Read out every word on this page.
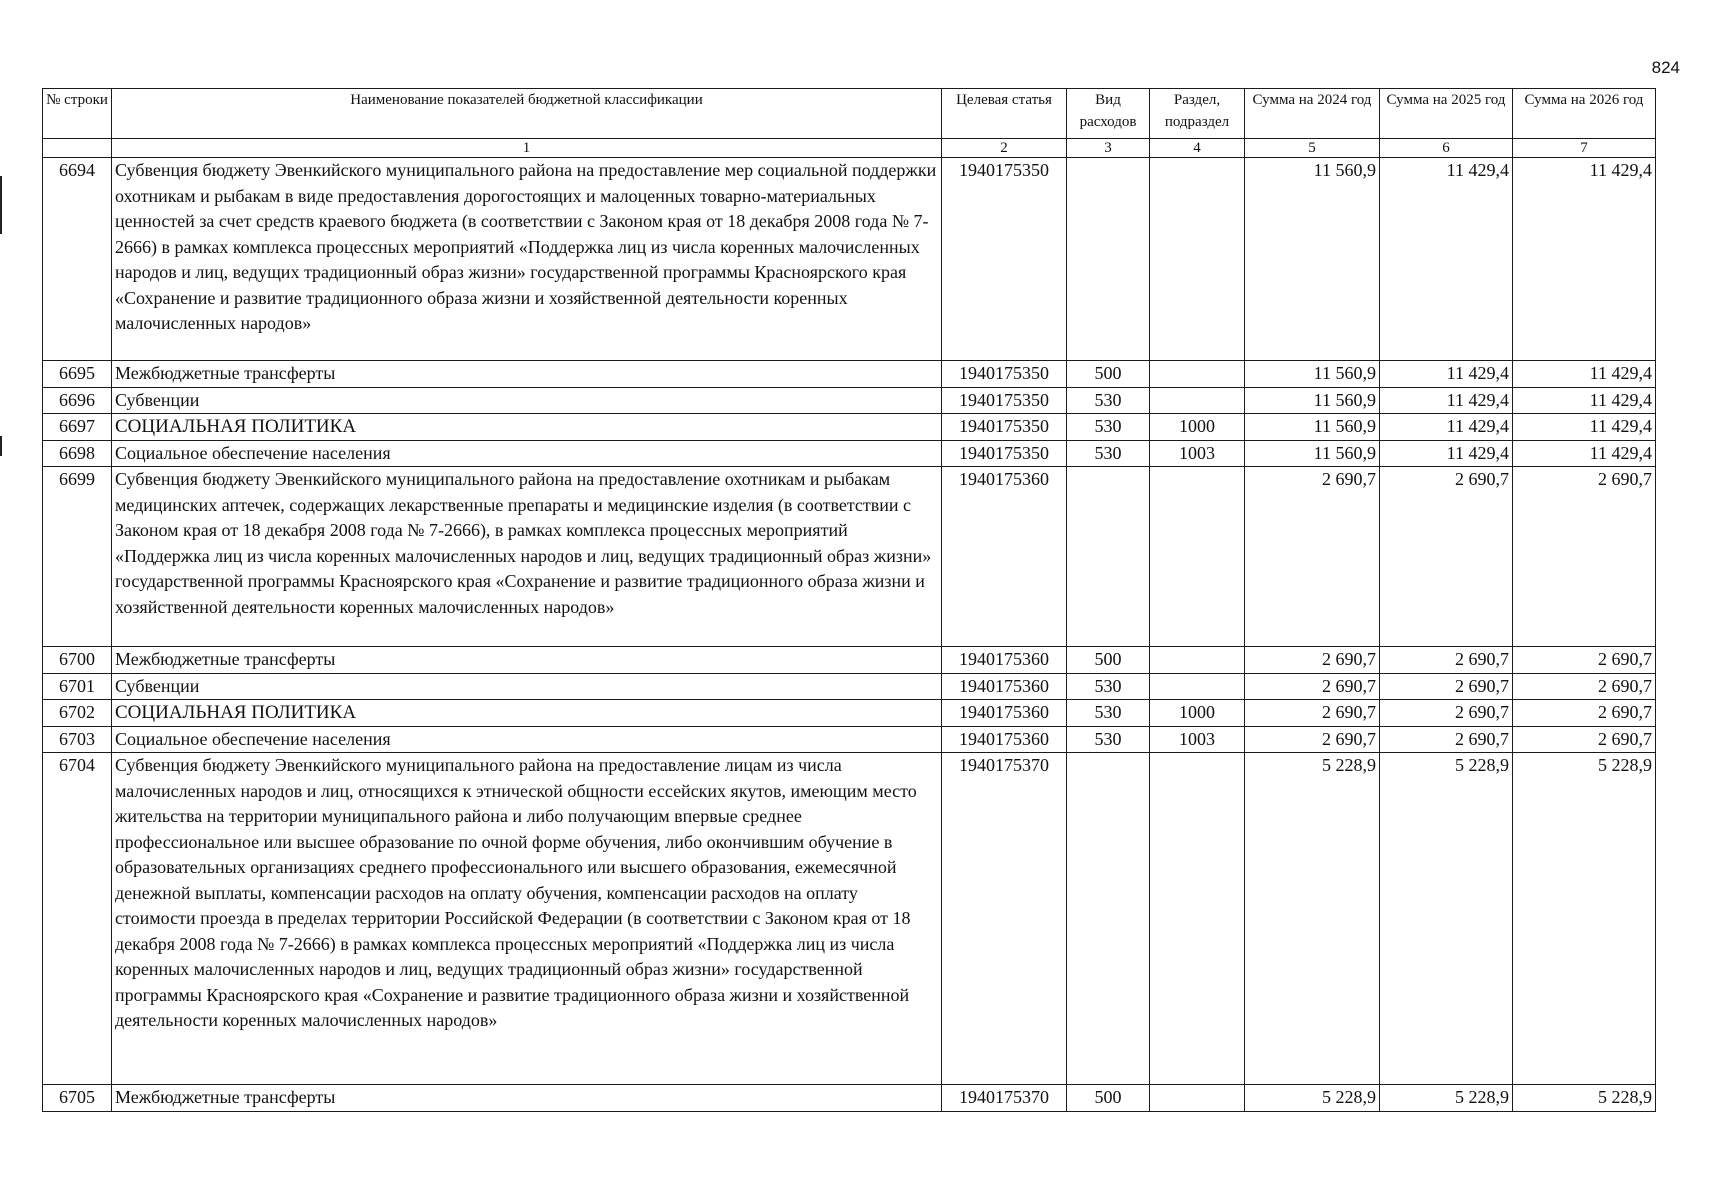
824
№ строки	Наименование показателей бюджетной классификации	Целевая статья	Вид расходов	Раздел, подраздел	Сумма на 2024 год	Сумма на 2025 год	Сумма на 2026 год
	1	2	3	4	5	6	7
6694	Субвенция бюджету Эвенкийского муниципального района на предоставление мер социальной поддержки охотникам и рыбакам в виде предоставления дорогостоящих и малоценных товарно-материальных ценностей за счет средств краевого бюджета (в соответствии с Законом края от 18 декабря 2008 года № 7-2666) в рамках комплекса процессных мероприятий «Поддержка лиц из числа коренных малочисленных народов и лиц, ведущих традиционный образ жизни» государственной программы Красноярского края «Сохранение и развитие традиционного образа жизни и хозяйственной деятельности коренных малочисленных народов»	1940175350			11 560,9	11 429,4	11 429,4
6695	Межбюджетные трансферты	1940175350	500		11 560,9	11 429,4	11 429,4
6696	Субвенции	1940175350	530		11 560,9	11 429,4	11 429,4
6697	СОЦИАЛЬНАЯ ПОЛИТИКА	1940175350	530	1000	11 560,9	11 429,4	11 429,4
6698	Социальное обеспечение населения	1940175350	530	1003	11 560,9	11 429,4	11 429,4
6699	Субвенция бюджету Эвенкийского муниципального района на предоставление охотникам и рыбакам медицинских аптечек, содержащих лекарственные препараты и медицинские изделия (в соответствии с Законом края от 18 декабря 2008 года № 7-2666), в рамках комплекса процессных мероприятий «Поддержка лиц из числа коренных малочисленных народов и лиц, ведущих традиционный образ жизни» государственной программы Красноярского края «Сохранение и развитие традиционного образа жизни и хозяйственной деятельности коренных малочисленных народов»	1940175360			2 690,7	2 690,7	2 690,7
6700	Межбюджетные трансферты	1940175360	500		2 690,7	2 690,7	2 690,7
6701	Субвенции	1940175360	530		2 690,7	2 690,7	2 690,7
6702	СОЦИАЛЬНАЯ ПОЛИТИКА	1940175360	530	1000	2 690,7	2 690,7	2 690,7
6703	Социальное обеспечение населения	1940175360	530	1003	2 690,7	2 690,7	2 690,7
6704	Субвенция бюджету Эвенкийского муниципального района на предоставление лицам из числа малочисленных народов и лиц, относящихся к этнической общности ессейских якутов, имеющим место жительства на территории муниципального района и либо получающим впервые среднее профессиональное или высшее образование по очной форме обучения, либо окончившим обучение в образовательных организациях среднего профессионального или высшего образования, ежемесячной денежной выплаты, компенсации расходов на оплату обучения, компенсации расходов на оплату стоимости проезда в пределах территории Российской Федерации (в соответствии с Законом края от 18 декабря 2008 года № 7-2666) в рамках комплекса процессных мероприятий «Поддержка лиц из числа коренных малочисленных народов и лиц, ведущих традиционный образ жизни» государственной программы Красноярского края «Сохранение и развитие традиционного образа жизни и хозяйственной деятельности коренных малочисленных народов»	1940175370			5 228,9	5 228,9	5 228,9
6705	Межбюджетные трансферты	1940175370	500		5 228,9	5 228,9	5 228,9
